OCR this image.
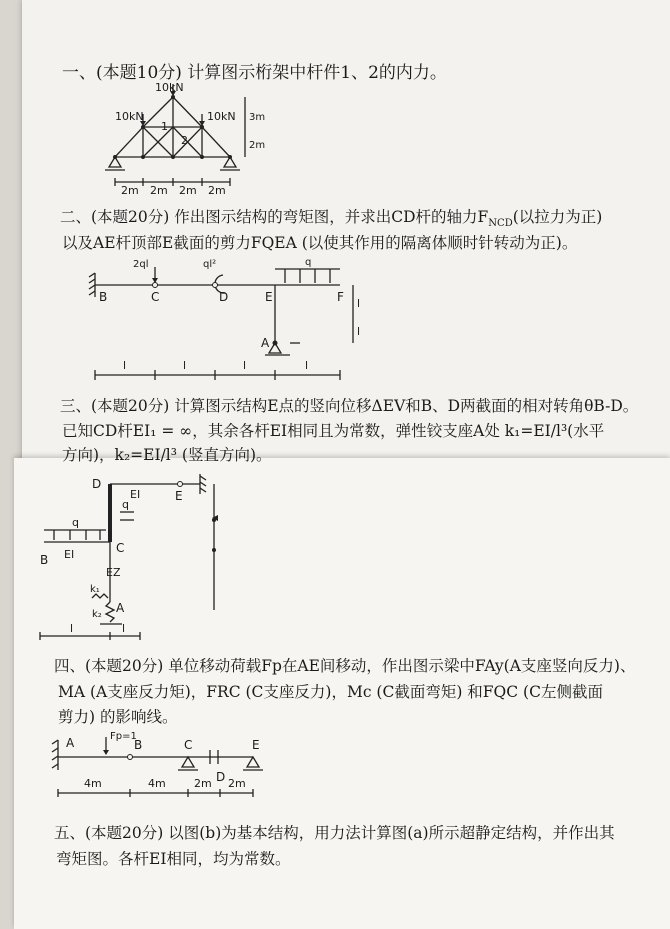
一、(本题10分) 计算图示桁架中杆件1、2的内力。
10kN
10kN	10kN
1
2
3m
2m
2m 2m 2m 2m
二、(本题20分) 作出图示结构的弯矩图，并求出CD杆的轴力$F_{NCD}$(以拉力为正)
以及AE杆顶部E截面的剪力FQEA (以使其作用的隔离体顺时针转动为正)。
2ql	ql²	q
B	C	D	E	F
A
l	l	l	l
l
l
三、(本题20分) 计算图示结构E点的竖向位移ΔEV和B、D两截面的相对转角θB-D。
已知CD杆EI₁ = ∞，其余各杆EI相同且为常数，弹性铰支座A处 k₁=EI/l³(水平
方向)，k₂=EI/l³ (竖直方向)。
D
E
B
C
A
EI
EI
EZ
k₁
k₂
q
q
l	l
四、(本题20分) 单位移动荷载Fp在AE间移动，作出图示梁中FAy(A支座竖向反力)、
MA (A支座反力矩)，FRC (C支座反力)，Mc (C截面弯矩) 和FQC (C左侧截面
剪力) 的影响线。
Fp=1
A	B	C
D
E
4m	4m	2m 2m
五、(本题20分) 以图(b)为基本结构，用力法计算图(a)所示超静定结构，并作出其
弯矩图。各杆EI相同，均为常数。
